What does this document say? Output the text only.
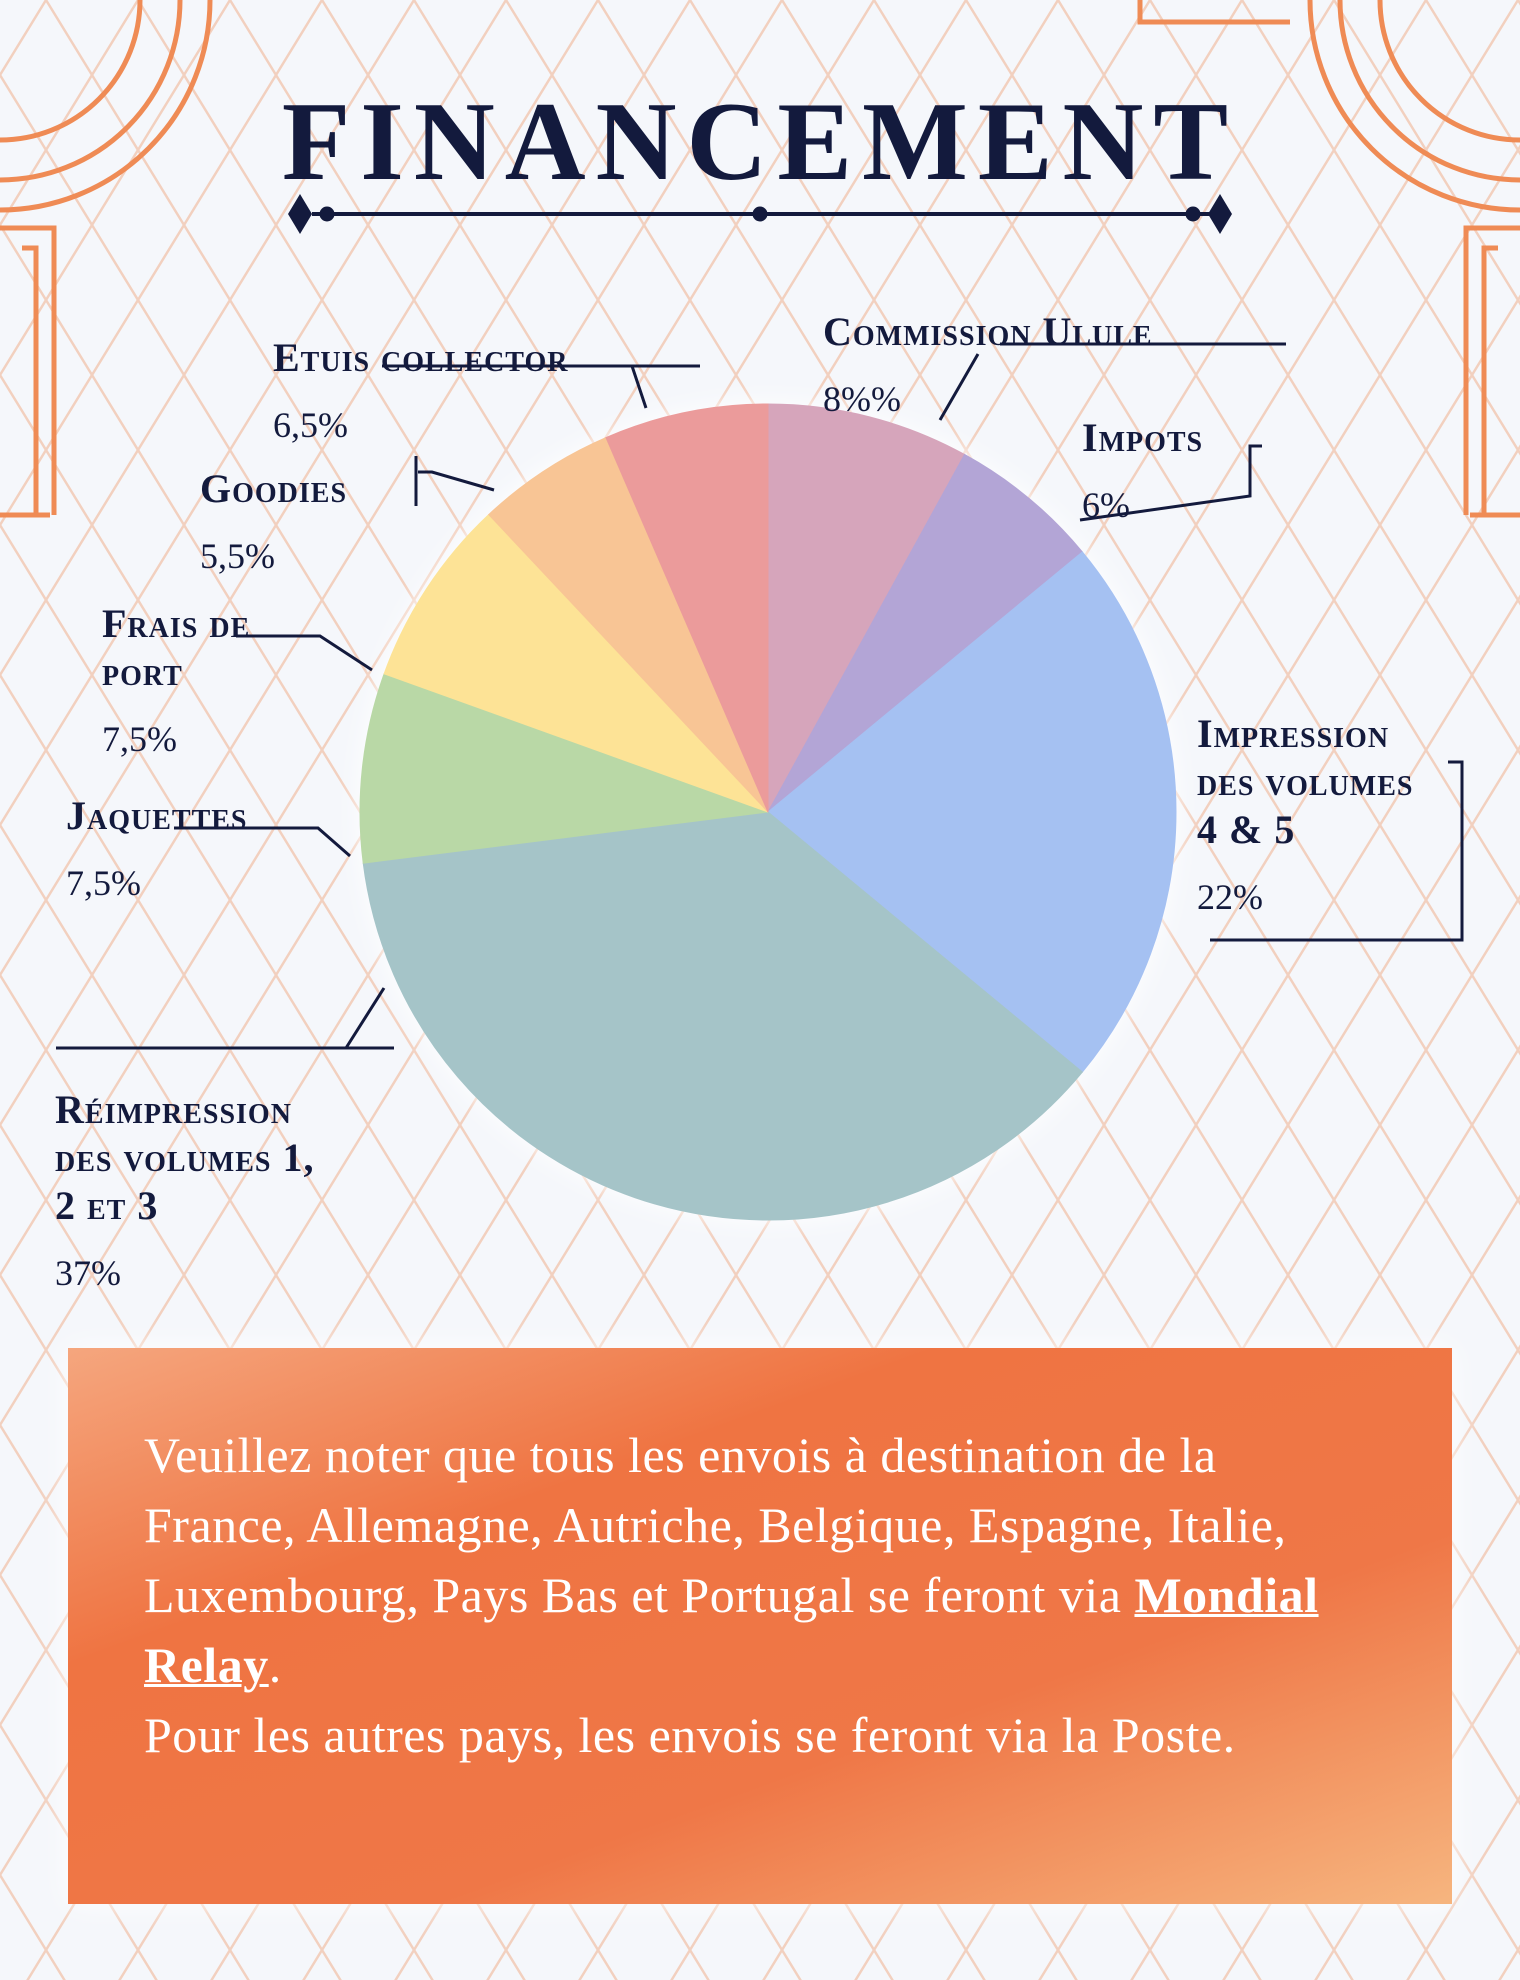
FINANCEMENT

Commission Ulule

8%%

Impots

6%

Impression
des volumes
4 & 5

22%

Réimpression
des volumes 1,
2 et 3

37%

Jaquettes

7,5%

Frais de
port

7,5%

Goodies

5,5%

Etuis collector

6,5%

Veuillez noter que tous les envois à destination de la France, Allemagne, Autriche, Belgique, Espagne, Italie, Luxembourg, Pays Bas et Portugal se feront via Mondial Relay.
Pour les autres pays, les envois se feront via la Poste.
